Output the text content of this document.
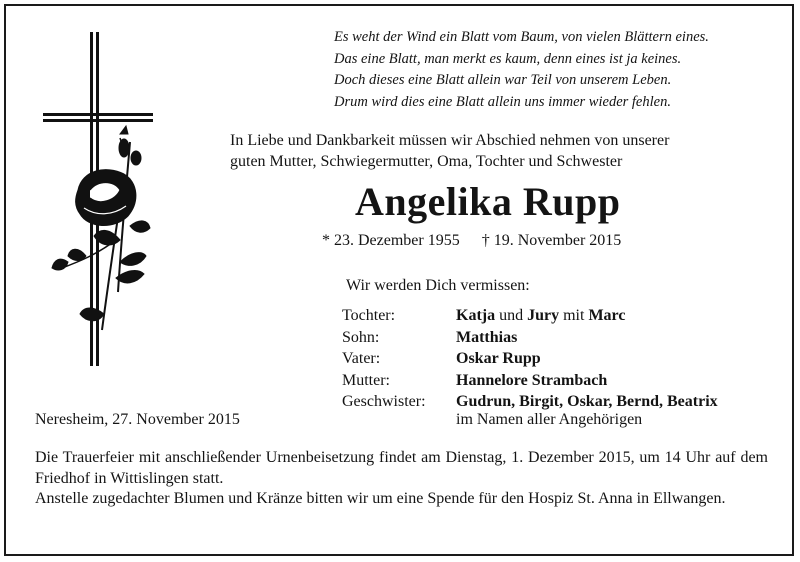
Es weht der Wind ein Blatt vom Baum, von vielen Blättern eines.
Das eine Blatt, man merkt es kaum, denn eines ist ja keines.
Doch dieses eine Blatt allein war Teil von unserem Leben.
Drum wird dies eine Blatt allein uns immer wieder fehlen.
In Liebe und Dankbarkeit müssen wir Abschied nehmen von unserer
guten Mutter, Schwiegermutter, Oma, Tochter und Schwester
Angelika Rupp
* 23. Dezember 1955 † 19. November 2015
Wir werden Dich vermissen:
Tochter:	Katja und Jury mit Marc
Sohn:	Matthias
Vater:	Oskar Rupp
Mutter:	Hannelore Strambach
Geschwister:	Gudrun, Birgit, Oskar, Bernd, Beatrix
Neresheim, 27. November 2015	im Namen aller Angehörigen

Die Trauerfeier mit anschließender Urnenbeisetzung findet am Dienstag, 1. Dezember 2015, um 14 Uhr auf dem Friedhof in Wittislingen statt.

Anstelle zugedachter Blumen und Kränze bitten wir um eine Spende für den Hospiz St. Anna in Ellwangen.
